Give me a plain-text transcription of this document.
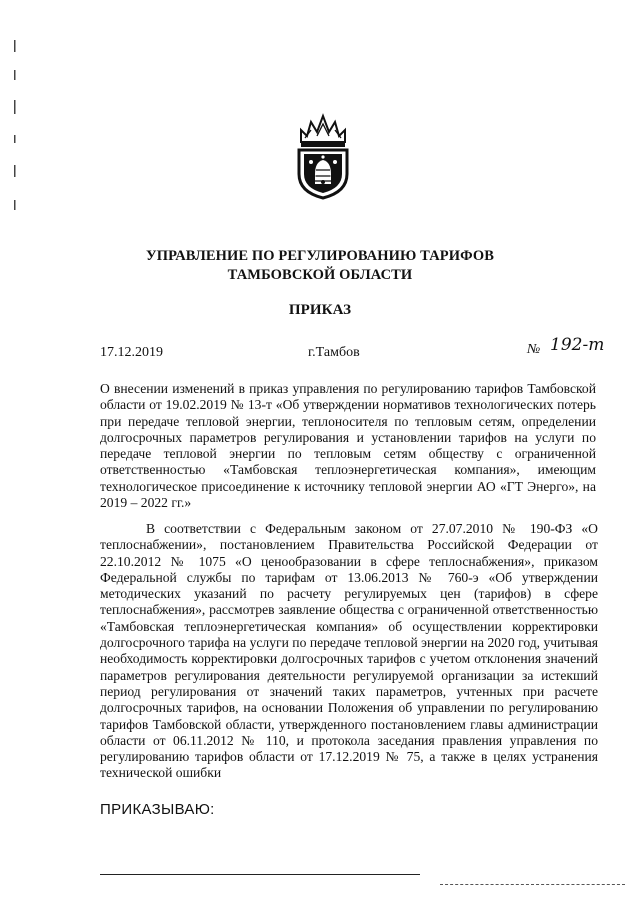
УПРАВЛЕНИЕ ПО РЕГУЛИРОВАНИЮ ТАРИФОВ
ТАМБОВСКОЙ ОБЛАСТИ
ПРИКАЗ
17.12.2019	г.Тамбов	№ 192-т
О внесении изменений в приказ управления по регулированию тарифов Тамбовской области от 19.02.2019 № 13-т «Об утверждении нормативов технологических потерь при передаче тепловой энергии, теплоносителя по тепловым сетям, определении долгосрочных параметров регулирования и установлении тарифов на услуги по передаче тепловой энергии по тепловым сетям обществу с ограниченной ответственностью «Тамбовская теплоэнергетическая компания», имеющим технологическое присоединение к источнику тепловой энергии АО «ГТ Энерго», на 2019 – 2022 гг.»
В соответствии с Федеральным законом от 27.07.2010 № 190-ФЗ «О теплоснабжении», постановлением Правительства Российской Федерации от 22.10.2012 № 1075 «О ценообразовании в сфере теплоснабжения», приказом Федеральной службы по тарифам от 13.06.2013 № 760-э «Об утверждении методических указаний по расчету регулируемых цен (тарифов) в сфере теплоснабжения», рассмотрев заявление общества с ограниченной ответственностью «Тамбовская теплоэнергетическая компания» об осуществлении корректировки долгосрочного тарифа на услуги по передаче тепловой энергии на 2020 год, учитывая необходимость корректировки долгосрочных тарифов с учетом отклонения значений параметров регулирования деятельности регулируемой организации за истекший период регулирования от значений таких параметров, учтенных при расчете долгосрочных тарифов, на основании Положения об управлении по регулированию тарифов Тамбовской области, утвержденного постановлением главы администрации области от 06.11.2012 № 110, и протокола заседания правления управления по регулированию тарифов области от 17.12.2019 № 75, а также в целях устранения технической ошибки
ПРИКАЗЫВАЮ:
